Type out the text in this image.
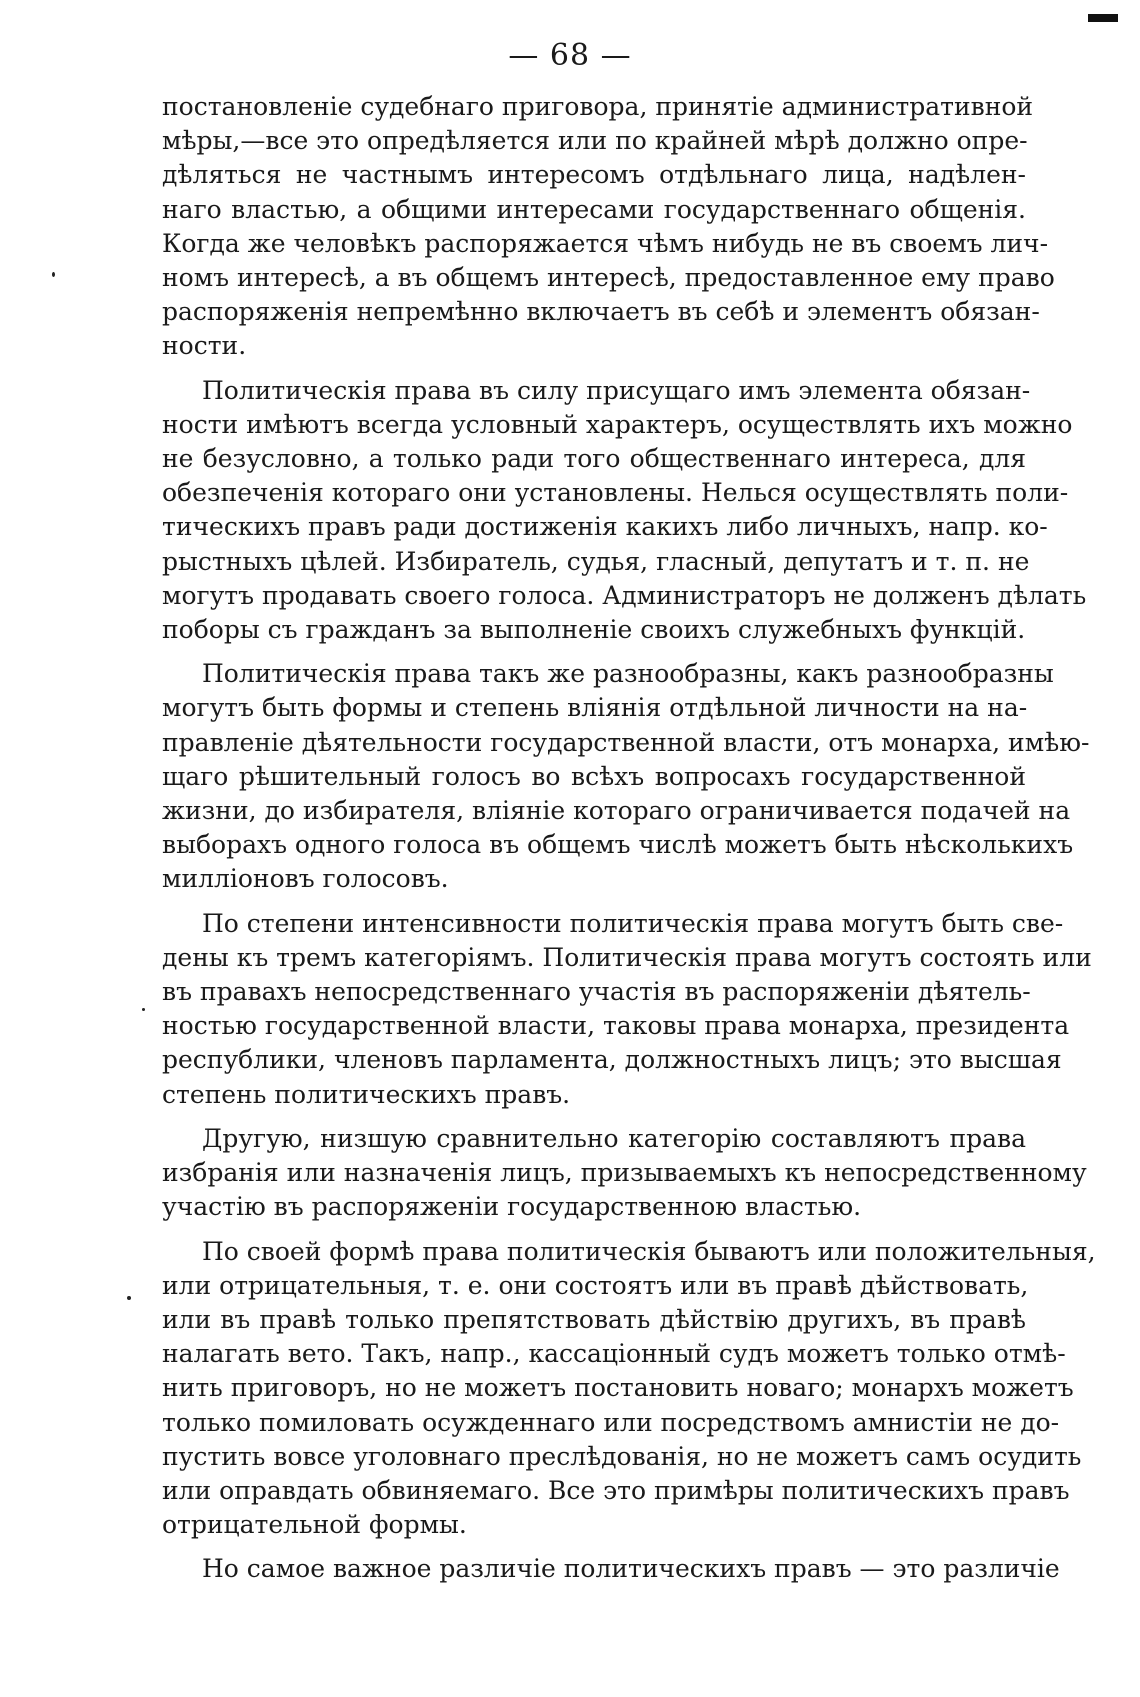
— 68 —
постановленіе судебнаго приговора, принятіе административной
мѣры,—все это опредѣляется или по крайней мѣрѣ должно опре-
дѣляться не частнымъ интересомъ отдѣльнаго лица, надѣлен-
наго властью, а общими интересами государственнаго общенія.
Когда же человѣкъ распоряжается чѣмъ нибудь не въ своемъ лич-
номъ интересѣ, а въ общемъ интересѣ, предоставленное ему право
распоряженія непремѣнно включаетъ въ себѣ и элементъ обязан-
ности.
Политическія права въ силу присущаго имъ элемента обязан-
ности имѣютъ всегда условный характеръ, осуществлять ихъ можно
не безусловно, а только ради того общественнаго интереса, для
обезпеченія котораго они установлены. Нелься осуществлять поли-
тическихъ правъ ради достиженія какихъ либо личныхъ, напр. ко-
рыстныхъ цѣлей. Избиратель, судья, гласный, депутатъ и т. п. не
могутъ продавать своего голоса. Администраторъ не долженъ дѣлать
поборы съ гражданъ за выполненіе своихъ служебныхъ функцій.
Политическія права такъ же разнообразны, какъ разнообразны
могутъ быть формы и степень вліянія отдѣльной личности на на-
правленіе дѣятельности государственной власти, отъ монарха, имѣю-
щаго рѣшительный голосъ во всѣхъ вопросахъ государственной
жизни, до избирателя, вліяніе котораго ограничивается подачей на
выборахъ одного голоса въ общемъ числѣ можетъ быть нѣсколькихъ
милліоновъ голосовъ.
По степени интенсивности политическія права могутъ быть све-
дены къ тремъ категоріямъ. Политическія права могутъ состоять или
въ правахъ непосредственнаго участія въ распоряженіи дѣятель-
ностью государственной власти, таковы права монарха, президента
республики, членовъ парламента, должностныхъ лицъ; это высшая
степень политическихъ правъ.
Другую, низшую сравнительно категорію составляютъ права
избранія или назначенія лицъ, призываемыхъ къ непосредственному
участію въ распоряженіи государственною властью.
По своей формѣ права политическія бываютъ или положительныя,
или отрицательныя, т. е. они состоятъ или въ правѣ дѣйствовать,
или въ правѣ только препятствовать дѣйствію другихъ, въ правѣ
налагать вето. Такъ, напр., кассаціонный судъ можетъ только отмѣ-
нить приговоръ, но не можетъ постановить новаго; монархъ можетъ
только помиловать осужденнаго или посредствомъ амнистіи не до-
пустить вовсе уголовнаго преслѣдованія, но не можетъ самъ осудить
или оправдать обвиняемаго. Все это примѣры политическихъ правъ
отрицательной формы.
Но самое важное различіе политическихъ правъ — это различіе
